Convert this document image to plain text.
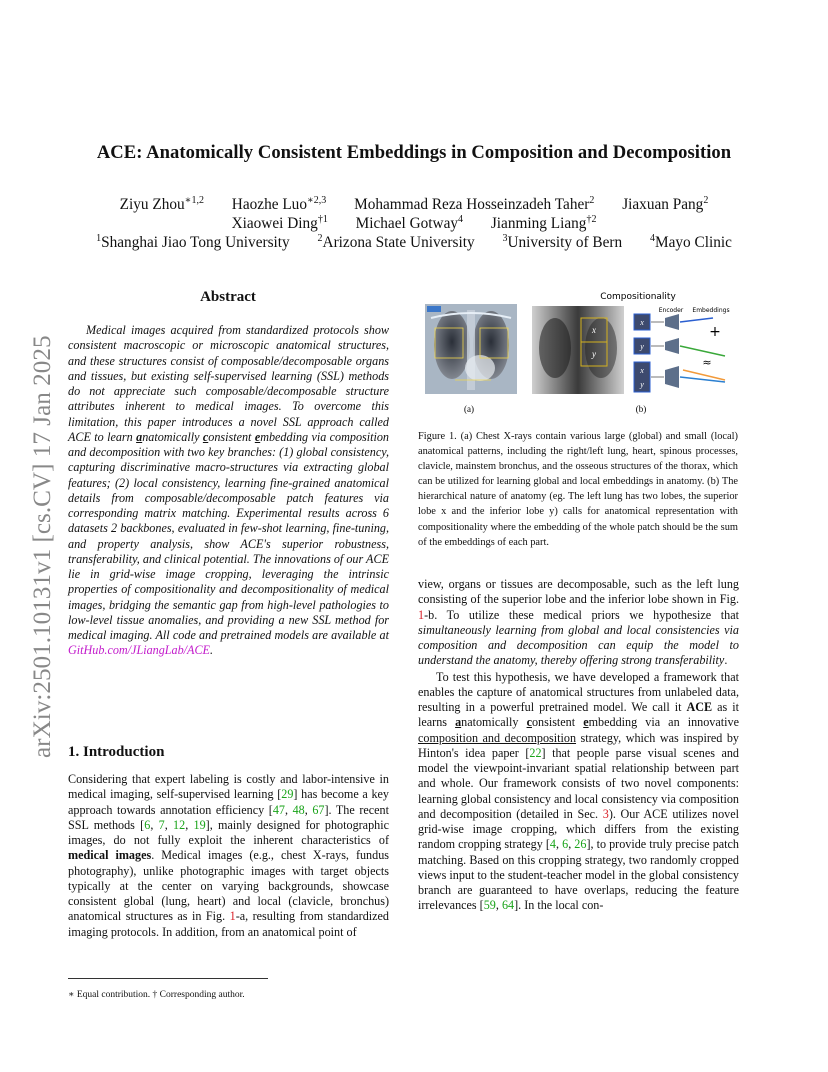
arXiv:2501.10131v1 [cs.CV] 17 Jan 2025
ACE: Anatomically Consistent Embeddings in Composition and Decomposition
Ziyu Zhou$^{∗1,2}$ Haozhe Luo$^{∗2,3}$ Mohammad Reza Hosseinzadeh Taher$^2$ Jiaxuan Pang$^2$
Xiaowei Ding$^{\dagger 1}$ Michael Gotway$^4$ Jianming Liang$^{\dagger 2}$
$^1$Shanghai Jiao Tong University	$^2$Arizona State University	$^3$University of Bern	$^4$Mayo Clinic
Abstract

Medical images acquired from standardized protocols show consistent macroscopic or microscopic anatomical structures, and these structures consist of composable/decomposable organs and tissues, but existing self-supervised learning (SSL) methods do not appreciate such composable/decomposable structure attributes inherent to medical images. To overcome this limitation, this paper introduces a novel SSL approach called ACE to learn anatomically consistent embedding via composition and decomposition with two key branches: (1) global consistency, capturing discriminative macro-structures via extracting global features; (2) local consistency, learning fine-grained anatomical details from composable/decomposable patch features via corresponding matrix matching. Experimental results across 6 datasets 2 backbones, evaluated in few-shot learning, fine-tuning, and property analysis, show ACE's superior robustness, transferability, and clinical potential. The innovations of our ACE lie in grid-wise image cropping, leveraging the intrinsic properties of compositionality and decompositionality of medical images, bridging the semantic gap from high-level pathologies to low-level tissue anomalies, and providing a new SSL method for medical imaging. All code and pretrained models are available at GitHub.com/JLiangLab/ACE.

1. Introduction

Considering that expert labeling is costly and labor-intensive in medical imaging, self-supervised learning [29] has become a key approach towards annotation efficiency [47, 48, 67]. The recent SSL methods [6, 7, 12, 19], mainly designed for photographic images, do not fully exploit the inherent characteristics of medical images. Medical images (e.g., chest X-rays, fundus photography), unlike photographic images with target objects typically at the center on varying backgrounds, showcase consistent global (lung, heart) and local (clavicle, bronchus) anatomical structures as in Fig. 1-a, resulting from standardized imaging protocols. In addition, from an anatomical point of

∗ Equal contribution. † Corresponding author.

(a)
Compositionality
x
y
Encoder Embeddings
x
y
+
≈
x
y
(b)

Figure 1. (a) Chest X-rays contain various large (global) and small (local) anatomical patterns, including the right/left lung, heart, spinous processes, clavicle, mainstem bronchus, and the osseous structures of the thorax, which can be utilized for learning global and local embeddings in anatomy. (b) The hierarchical nature of anatomy (eg. The left lung has two lobes, the superior lobe x and the inferior lobe y) calls for anatomical representation with compositionality where the embedding of the whole patch should be the sum of the embeddings of each part.

view, organs or tissues are decomposable, such as the left lung consisting of the superior lobe and the inferior lobe shown in Fig. 1-b. To utilize these medical priors we hypothesize that simultaneously learning from global and local consistencies via composition and decomposition can equip the model to understand the anatomy, thereby offering strong transferability.

To test this hypothesis, we have developed a framework that enables the capture of anatomical structures from unlabeled data, resulting in a powerful pretrained model. We call it ACE as it learns anatomically consistent embedding via an innovative composition and decomposition strategy, which was inspired by Hinton's idea paper [22] that people parse visual scenes and model the viewpoint-invariant spatial relationship between part and whole. Our framework consists of two novel components: learning global consistency and local consistency via composition and decomposition (detailed in Sec. 3). Our ACE utilizes novel grid-wise image cropping, which differs from the existing random cropping strategy [4, 6, 26], to provide truly precise patch matching. Based on this cropping strategy, two randomly cropped views input to the student-teacher model in the global consistency branch are guaranteed to have overlaps, reducing the feature irrelevances [59, 64]. In the local con-
